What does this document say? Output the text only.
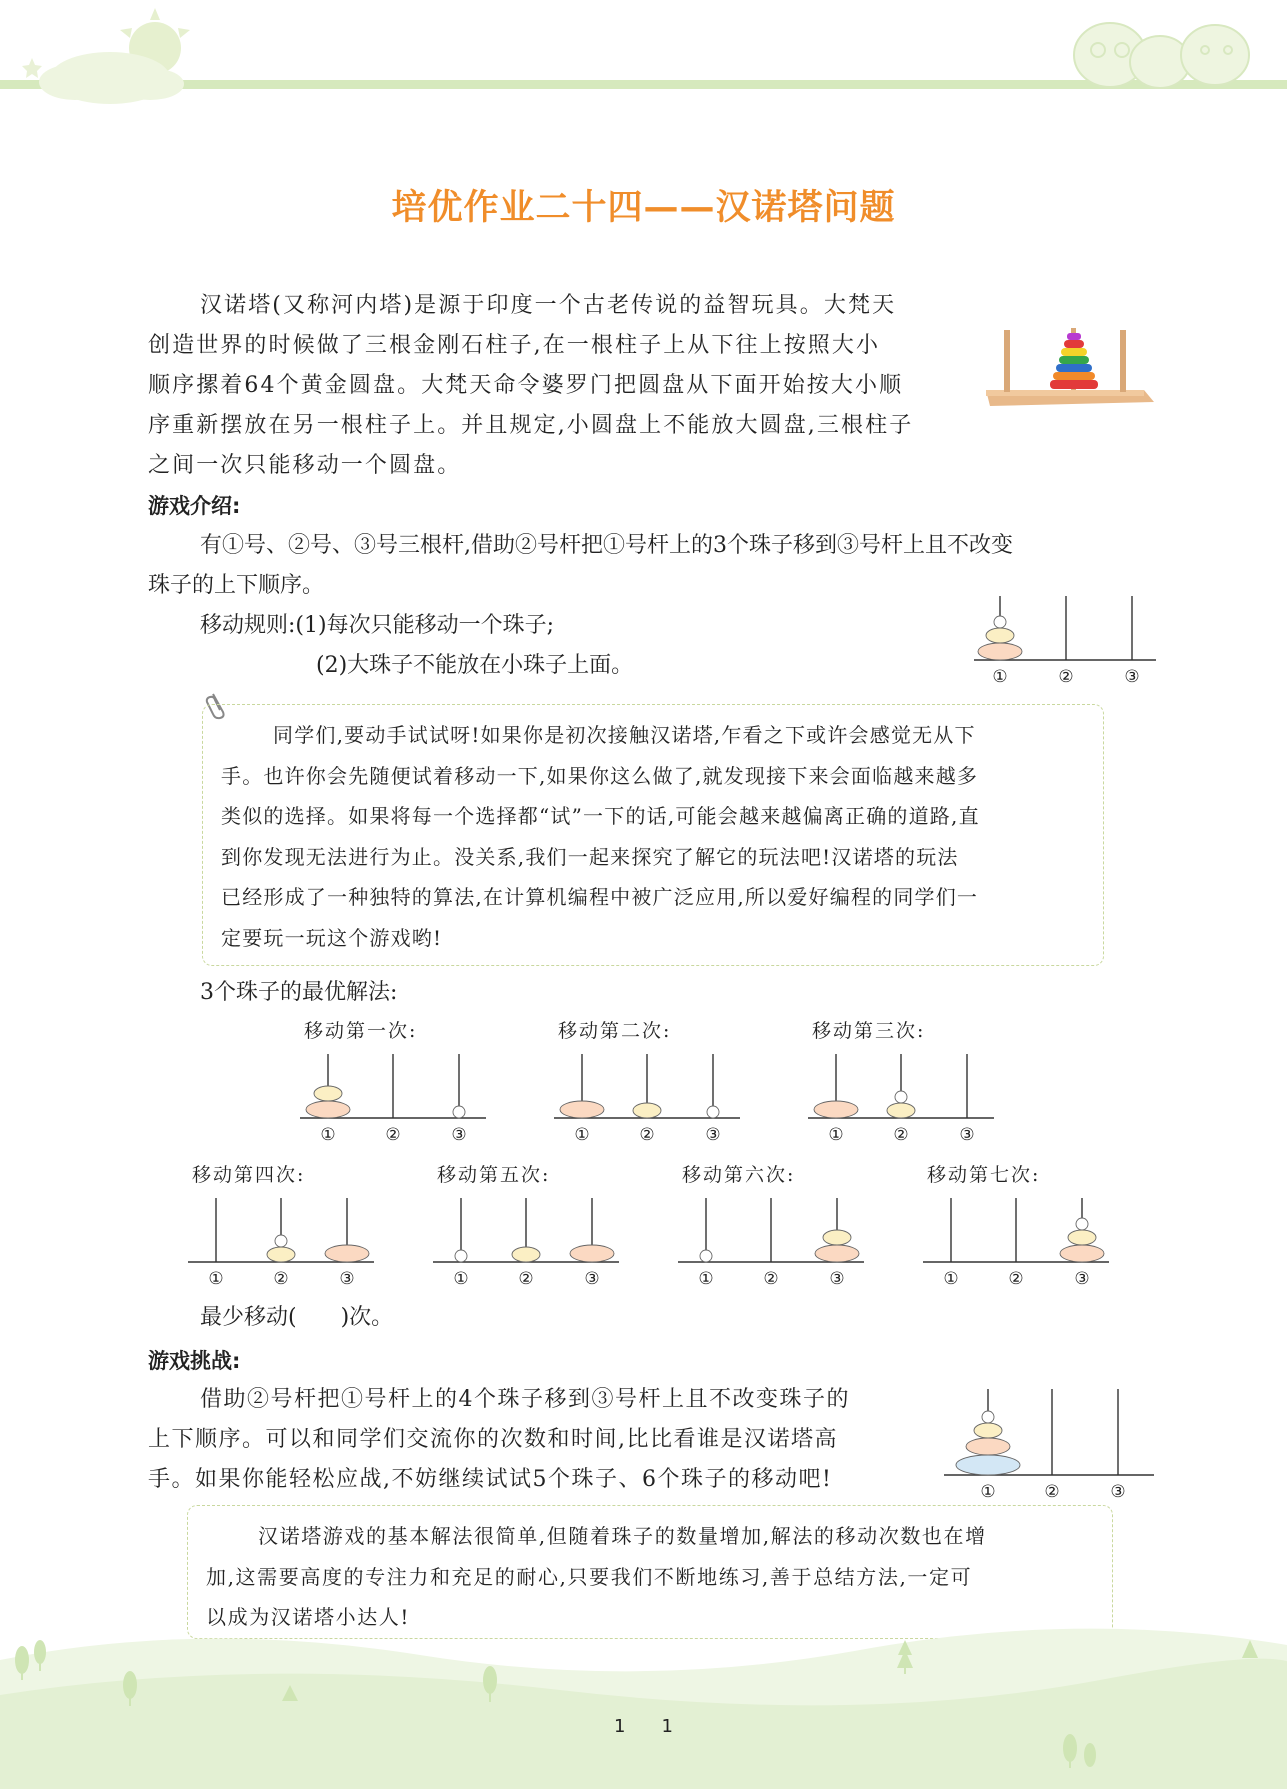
培优作业二十四——汉诺塔问题

汉诺塔(又称河内塔)是源于印度一个古老传说的益智玩具。大梵天

创造世界的时候做了三根金刚石柱子,在一根柱子上从下往上按照大小

顺序摞着64个黄金圆盘。大梵天命令婆罗门把圆盘从下面开始按大小顺

序重新摆放在另一根柱子上。并且规定,小圆盘上不能放大圆盘,三根柱子

之间一次只能移动一个圆盘。

游戏介绍:

有①号、②号、③号三根杆,借助②号杆把①号杆上的3个珠子移到③号杆上且不改变

珠子的上下顺序。

移动规则:(1)每次只能移动一个珠子;
(2)大珠子不能放在小珠子上面。	①	②	③

同学们,要动手试试呀!如果你是初次接触汉诺塔,乍看之下或许会感觉无从下

手。也许你会先随便试着移动一下,如果你这么做了,就发现接下来会面临越来越多

类似的选择。如果将每一个选择都“试”一下的话,可能会越来越偏离正确的道路,直

到你发现无法进行为止。没关系,我们一起来探究了解它的玩法吧!汉诺塔的玩法

已经形成了一种独特的算法,在计算机编程中被广泛应用,所以爱好编程的同学们一

定要玩一玩这个游戏哟!

3个珠子的最优解法:
移动第一次:
①	②	③
移动第二次:
①	②	③
移动第三次:
①	②	③
移动第四次:
①	②	③
移动第五次:
①	②	③
移动第六次:
①	②	③
移动第七次:
①	②	③
最少移动(　　)次。
游戏挑战:

借助②号杆把①号杆上的4个珠子移到③号杆上且不改变珠子的

上下顺序。可以和同学们交流你的次数和时间,比比看谁是汉诺塔高

手。如果你能轻松应战,不妨继续试试5个珠子、6个珠子的移动吧!	①	②	③

汉诺塔游戏的基本解法很简单,但随着珠子的数量增加,解法的移动次数也在增

加,这需要高度的专注力和充足的耐心,只要我们不断地练习,善于总结方法,一定可

以成为汉诺塔小达人!

1　　1
